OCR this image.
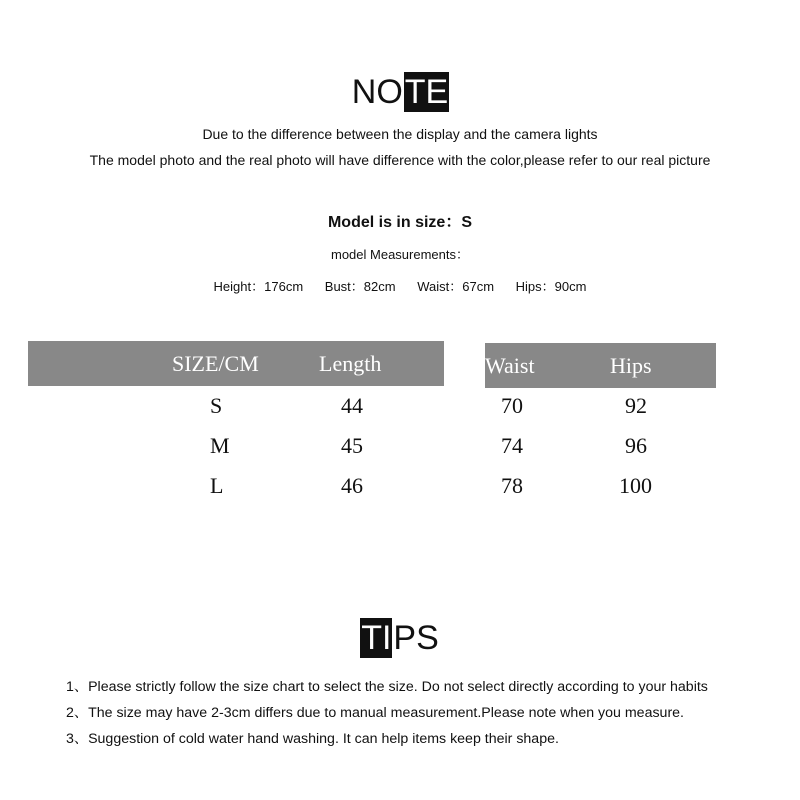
NOTE
Due to the difference between the display and the camera lights
The model photo and the real photo will have difference with the color,please refer to our real picture
Model is in size：S
model Measurements：
Height：176cm Bust：82cm Waist：67cm Hips：90cm
SIZE/CM	Length	Waist	Hips
S	44	70	92
M	45	74	96
L	46	78	100
TIPS
1、Please strictly follow the size chart to select the size. Do not select directly according to your habits
2、The size may have 2-3cm differs due to manual measurement.Please note when you measure.
3、Suggestion of cold water hand washing. It can help items keep their shape.
